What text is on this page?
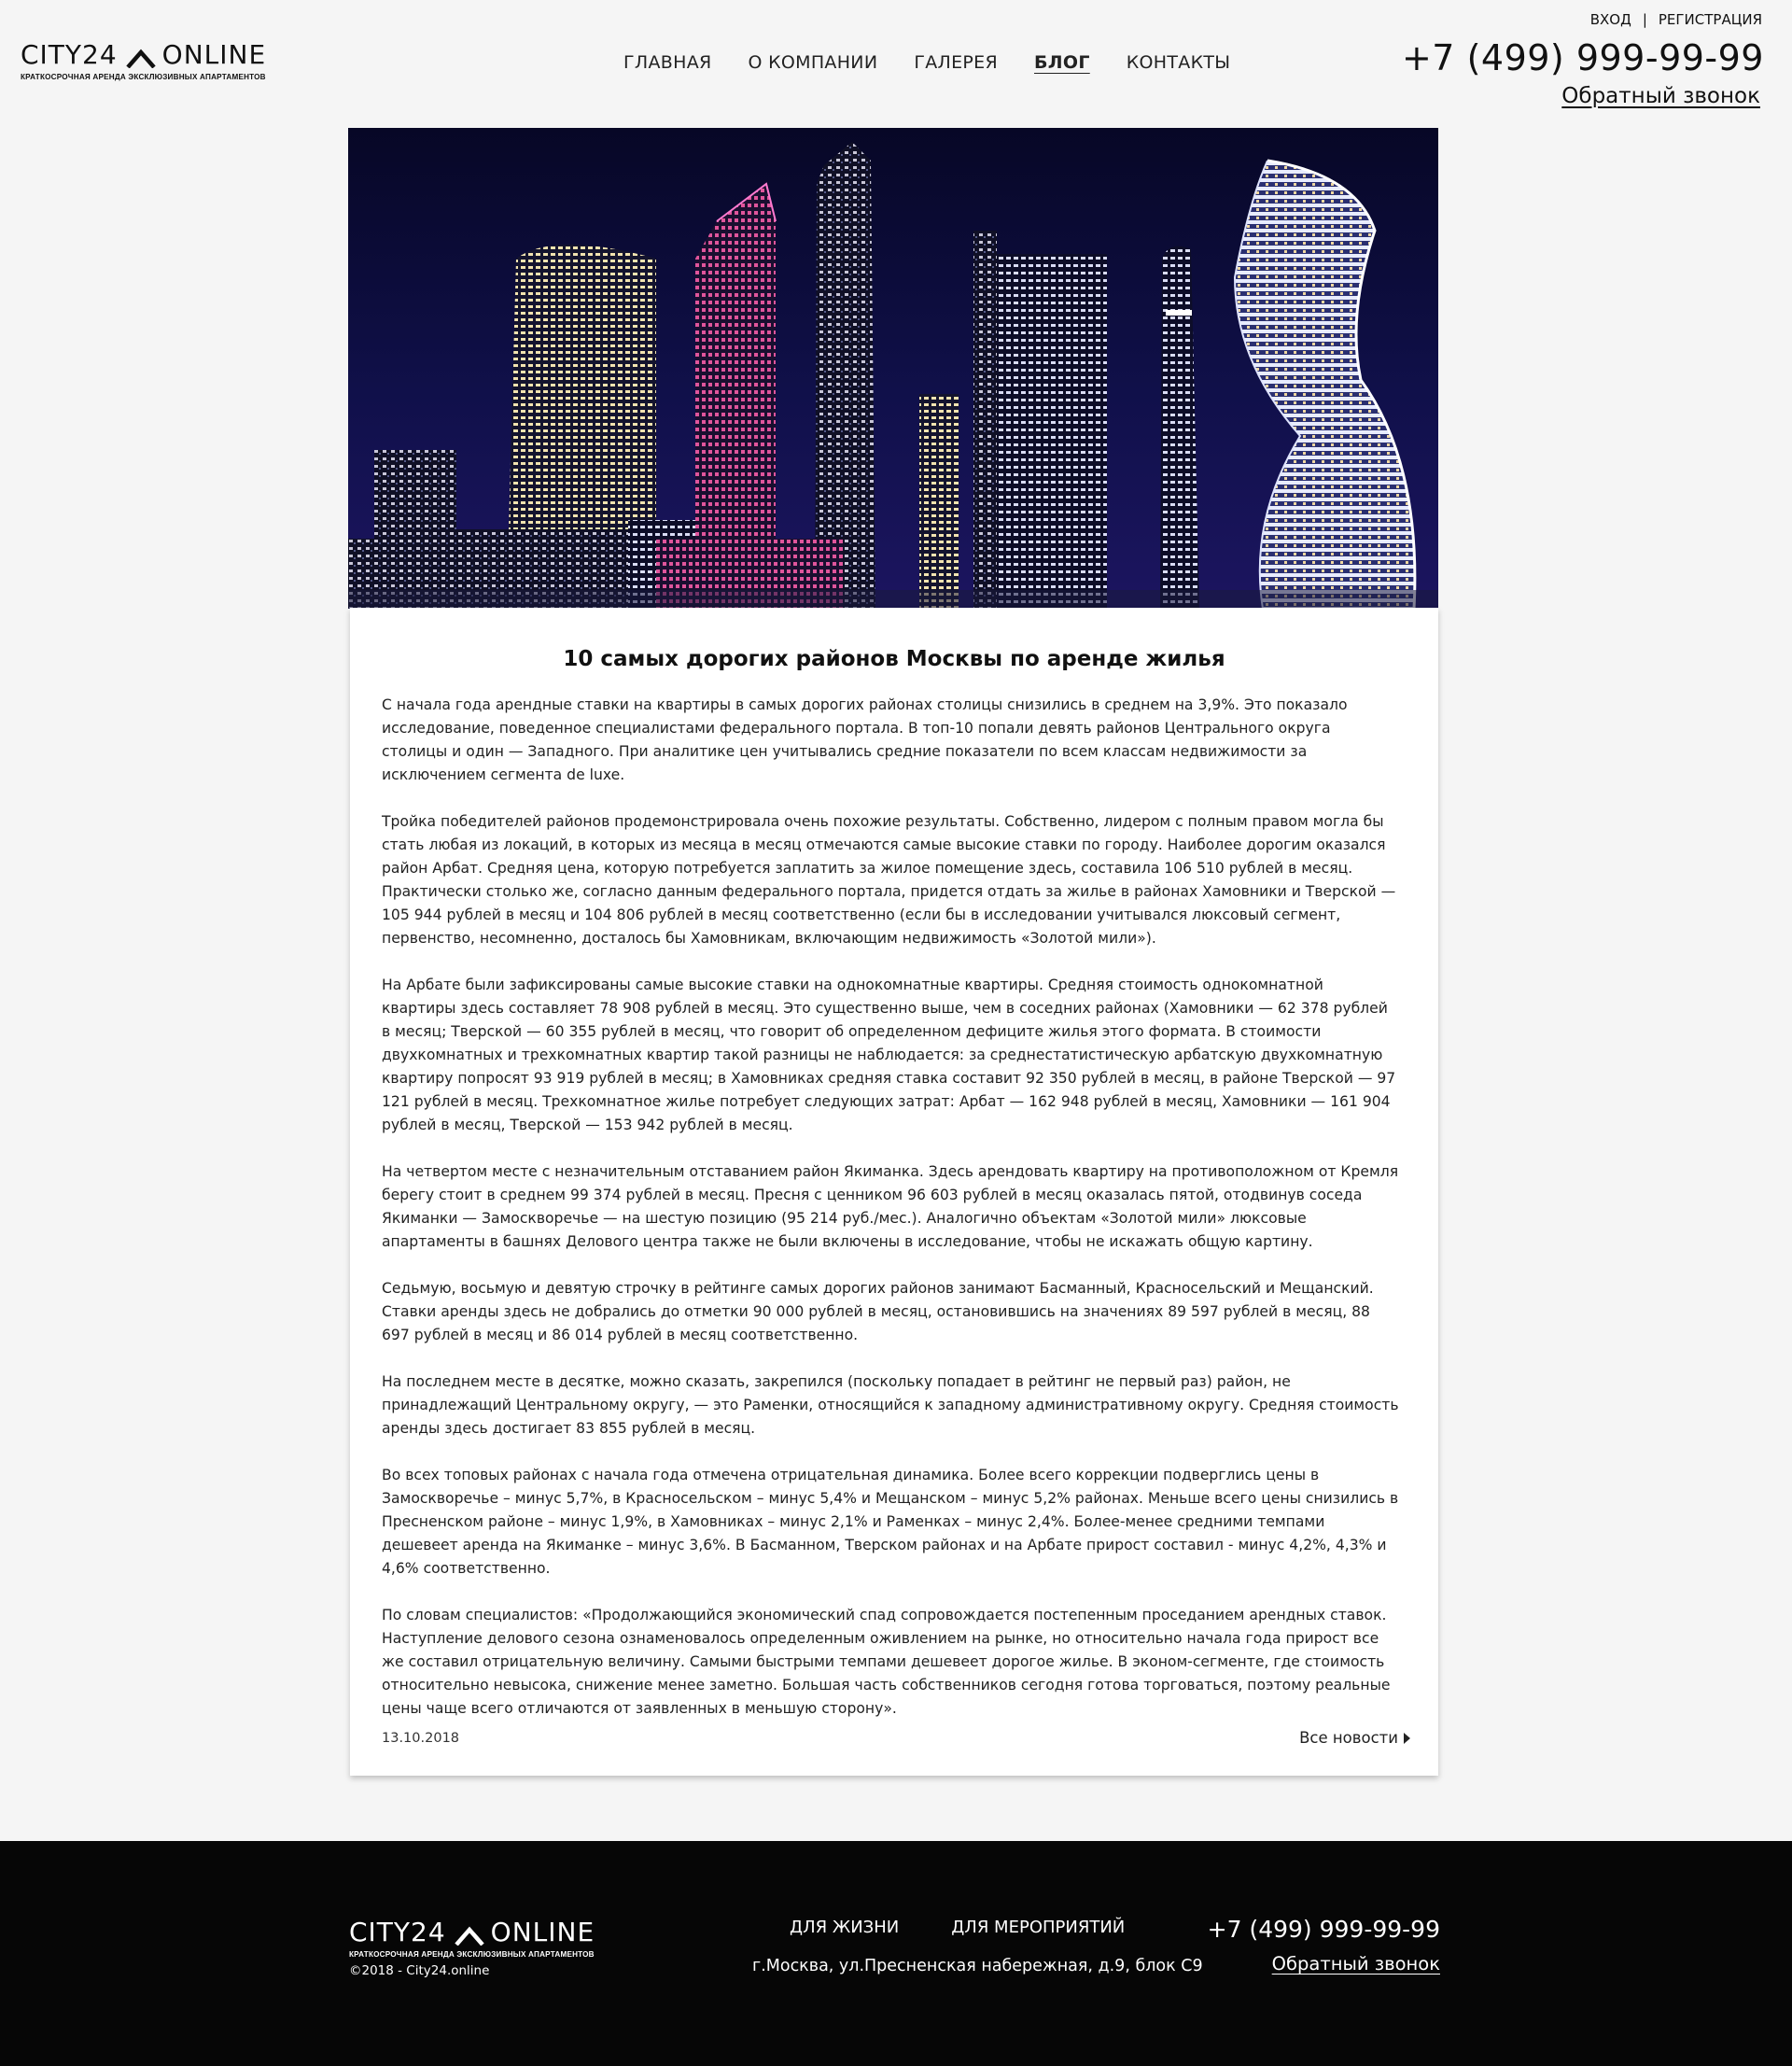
CITY24 ONLINE
КРАТКОСРОЧНАЯ АРЕНДА ЭКСКЛЮЗИВНЫХ АПАРТАМЕНТОВ
ГЛАВНАЯ О КОМПАНИИ ГАЛЕРЕЯ БЛОГ КОНТАКТЫ
ВХОД | РЕГИСТРАЦИЯ
+7 (499) 999-99-99
Обратный звонок
10 самых дорогих районов Москвы по аренде жилья

С начала года арендные ставки на квартиры в самых дорогих районах столицы снизились в среднем на 3,9%. Это показало исследование, поведенное специалистами федерального портала. В топ-10 попали девять районов Центрального округа столицы и один — Западного. При аналитике цен учитывались средние показатели по всем классам недвижимости за исключением сегмента de luxe.

Тройка победителей районов продемонстрировала очень похожие результаты. Собственно, лидером с полным правом могла бы стать любая из локаций, в которых из месяца в месяц отмечаются самые высокие ставки по городу. Наиболее дорогим оказался район Арбат. Средняя цена, которую потребуется заплатить за жилое помещение здесь, составила 106 510 рублей в месяц. Практически столько же, согласно данным федерального портала, придется отдать за жилье в районах Хамовники и Тверской — 105 944 рублей в месяц и 104 806 рублей в месяц соответственно (если бы в исследовании учитывался люксовый сегмент, первенство, несомненно, досталось бы Хамовникам, включающим недвижимость «Золотой мили»).

На Арбате были зафиксированы самые высокие ставки на однокомнатные квартиры. Средняя стоимость однокомнатной квартиры здесь составляет 78 908 рублей в месяц. Это существенно выше, чем в соседних районах (Хамовники — 62 378 рублей в месяц; Тверской — 60 355 рублей в месяц, что говорит об определенном дефиците жилья этого формата. В стоимости двухкомнатных и трехкомнатных квартир такой разницы не наблюдается: за среднестатистическую арбатскую двухкомнатную квартиру попросят 93 919 рублей в месяц; в Хамовниках средняя ставка составит 92 350 рублей в месяц, в районе Тверской — 97 121 рублей в месяц. Трехкомнатное жилье потребует следующих затрат: Арбат — 162 948 рублей в месяц, Хамовники — 161 904 рублей в месяц, Тверской — 153 942 рублей в месяц.

На четвертом месте с незначительным отставанием район Якиманка. Здесь арендовать квартиру на противоположном от Кремля берегу стоит в среднем 99 374 рублей в месяц. Пресня с ценником 96 603 рублей в месяц оказалась пятой, отодвинув соседа Якиманки — Замоскворечье — на шестую позицию (95 214 руб./мес.). Аналогично объектам «Золотой мили» люксовые апартаменты в башнях Делового центра также не были включены в исследование, чтобы не искажать общую картину.

Седьмую, восьмую и девятую строчку в рейтинге самых дорогих районов занимают Басманный, Красносельский и Мещанский. Ставки аренды здесь не добрались до отметки 90 000 рублей в месяц, остановившись на значениях 89 597 рублей в месяц, 88 697 рублей в месяц и 86 014 рублей в месяц соответственно.

На последнем месте в десятке, можно сказать, закрепился (поскольку попадает в рейтинг не первый раз) район, не принадлежащий Центральному округу, — это Раменки, относящийся к западному административному округу. Средняя стоимость аренды здесь достигает 83 855 рублей в месяц.

Во всех топовых районах с начала года отмечена отрицательная динамика. Более всего коррекции подверглись цены в Замоскворечье – минус 5,7%, в Красносельском – минус 5,4% и Мещанском – минус 5,2% районах. Меньше всего цены снизились в Пресненском районе – минус 1,9%, в Хамовниках – минус 2,1% и Раменках – минус 2,4%. Более-менее средними темпами дешевеет аренда на Якиманке – минус 3,6%. В Басманном, Тверском районах и на Арбате прирост составил - минус 4,2%, 4,3% и 4,6% соответственно.

По словам специалистов: «Продолжающийся экономический спад сопровождается постепенным проседанием арендных ставок. Наступление делового сезона ознаменовалось определенным оживлением на рынке, но относительно начала года прирост все же составил отрицательную величину. Самыми быстрыми темпами дешевеет дорогое жилье. В эконом-сегменте, где стоимость относительно невысока, снижение менее заметно. Большая часть собственников сегодня готова торговаться, поэтому реальные цены чаще всего отличаются от заявленных в меньшую сторону».

13.10.2018	Все новости
CITY24 ONLINE
КРАТКОСРОЧНАЯ АРЕНДА ЭКСКЛЮЗИВНЫХ АПАРТАМЕНТОВ
©2018 - City24.online
ДЛЯ ЖИЗНИ	ДЛЯ МЕРОПРИЯТИЙ
г.Москва, ул.Пресненская набережная, д.9, блок С9
+7 (499) 999-99-99
Обратный звонок
